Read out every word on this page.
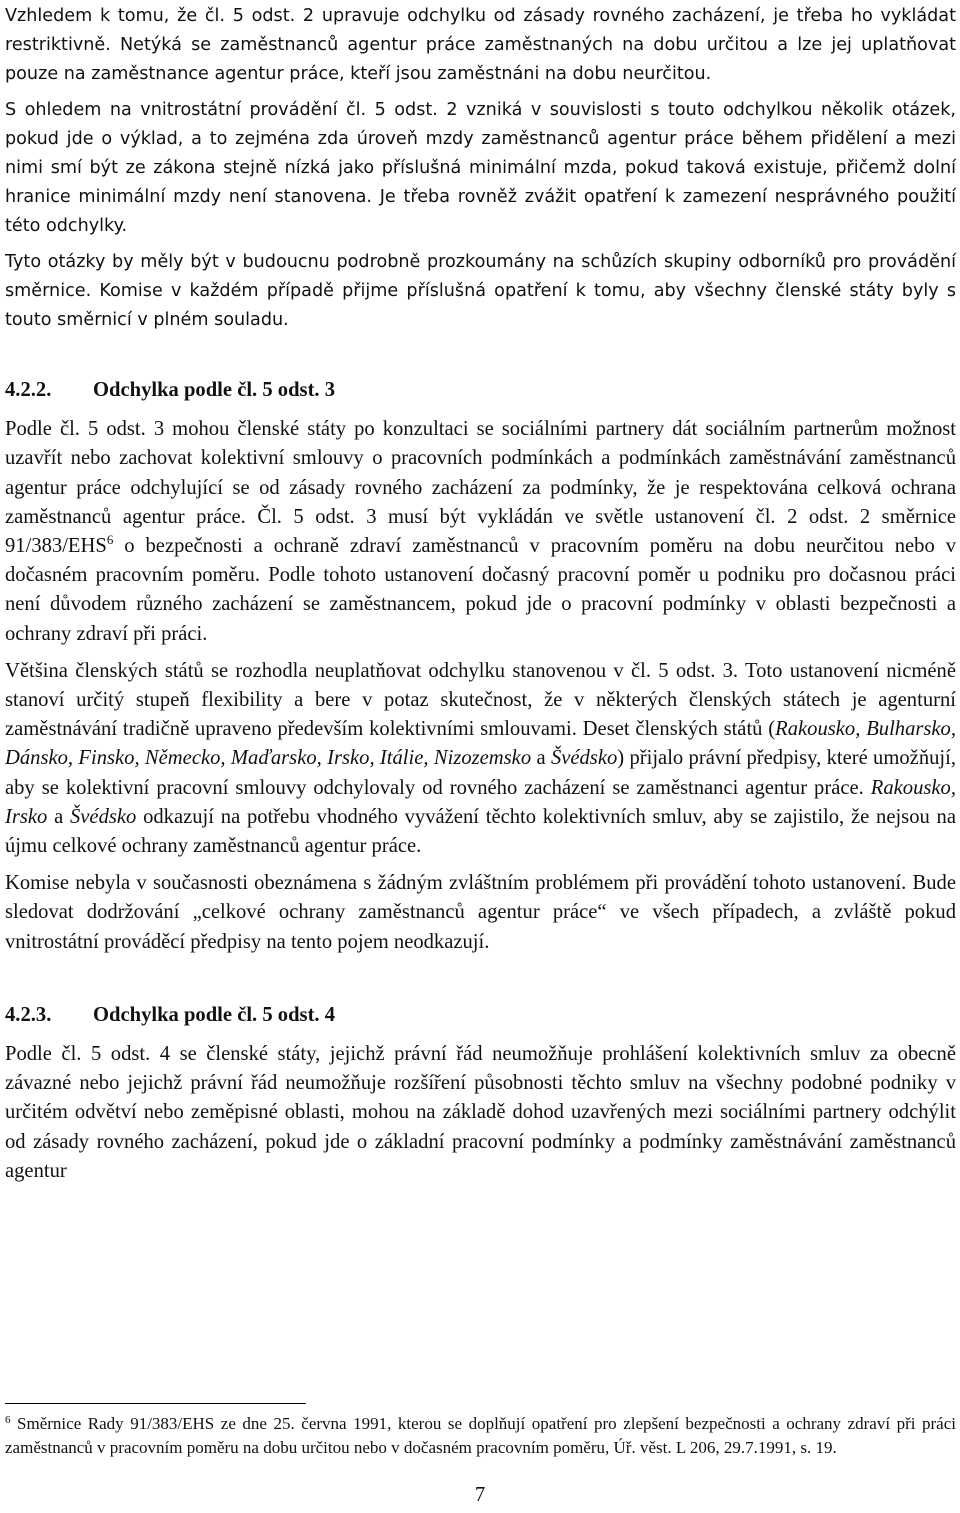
Vzhledem k tomu, že čl. 5 odst. 2 upravuje odchylku od zásady rovného zacházení, je třeba ho vykládat restriktivně. Netýká se zaměstnanců agentur práce zaměstnaných na dobu určitou a lze jej uplatňovat pouze na zaměstnance agentur práce, kteří jsou zaměstnáni na dobu neurčitou.

S ohledem na vnitrostátní provádění čl. 5 odst. 2 vzniká v souvislosti s touto odchylkou několik otázek, pokud jde o výklad, a to zejména zda úroveň mzdy zaměstnanců agentur práce během přidělení a mezi nimi smí být ze zákona stejně nízká jako příslušná minimální mzda, pokud taková existuje, přičemž dolní hranice minimální mzdy není stanovena. Je třeba rovněž zvážit opatření k zamezení nesprávného použití této odchylky.

Tyto otázky by měly být v budoucnu podrobně prozkoumány na schůzích skupiny odborníků pro provádění směrnice. Komise v každém případě přijme příslušná opatření k tomu, aby všechny členské státy byly s touto směrnicí v plném souladu.

4.2.2.	Odchylka podle čl. 5 odst. 3

Podle čl. 5 odst. 3 mohou členské státy po konzultaci se sociálními partnery dát sociálním partnerům možnost uzavřít nebo zachovat kolektivní smlouvy o pracovních podmínkách a podmínkách zaměstnávání zaměstnanců agentur práce odchylující se od zásady rovného zacházení za podmínky, že je respektována celková ochrana zaměstnanců agentur práce. Čl. 5 odst. 3 musí být vykládán ve světle ustanovení čl. 2 odst. 2 směrnice 91/383/EHS$^6$ o bezpečnosti a ochraně zdraví zaměstnanců v pracovním poměru na dobu neurčitou nebo v dočasném pracovním poměru. Podle tohoto ustanovení dočasný pracovní poměr u podniku pro dočasnou práci není důvodem různého zacházení se zaměstnancem, pokud jde o pracovní podmínky v oblasti bezpečnosti a ochrany zdraví při práci.

Většina členských států se rozhodla neuplatňovat odchylku stanovenou v čl. 5 odst. 3. Toto ustanovení nicméně stanoví určitý stupeň flexibility a bere v potaz skutečnost, že v některých členských státech je agenturní zaměstnávání tradičně upraveno především kolektivními smlouvami. Deset členských států (Rakousko, Bulharsko, Dánsko, Finsko, Německo, Maďarsko, Irsko, Itálie, Nizozemsko a Švédsko) přijalo právní předpisy, které umožňují, aby se kolektivní pracovní smlouvy odchylovaly od rovného zacházení se zaměstnanci agentur práce. Rakousko, Irsko a Švédsko odkazují na potřebu vhodného vyvážení těchto kolektivních smluv, aby se zajistilo, že nejsou na újmu celkové ochrany zaměstnanců agentur práce.

Komise nebyla v současnosti obeznámena s žádným zvláštním problémem při provádění tohoto ustanovení. Bude sledovat dodržování „celkové ochrany zaměstnanců agentur práce“ ve všech případech, a zvláště pokud vnitrostátní prováděcí předpisy na tento pojem neodkazují.

4.2.3.	Odchylka podle čl. 5 odst. 4

Podle čl. 5 odst. 4 se členské státy, jejichž právní řád neumožňuje prohlášení kolektivních smluv za obecně závazné nebo jejichž právní řád neumožňuje rozšíření působnosti těchto smluv na všechny podobné podniky v určitém odvětví nebo zeměpisné oblasti, mohou na základě dohod uzavřených mezi sociálními partnery odchýlit od zásady rovného zacházení, pokud jde o základní pracovní podmínky a podmínky zaměstnávání zaměstnanců agentur

$^6$ Směrnice Rady 91/383/EHS ze dne 25. června 1991, kterou se doplňují opatření pro zlepšení bezpečnosti a ochrany zdraví při práci zaměstnanců v pracovním poměru na dobu určitou nebo v dočasném pracovním poměru, Úř. věst. L 206, 29.7.1991, s. 19.

7
